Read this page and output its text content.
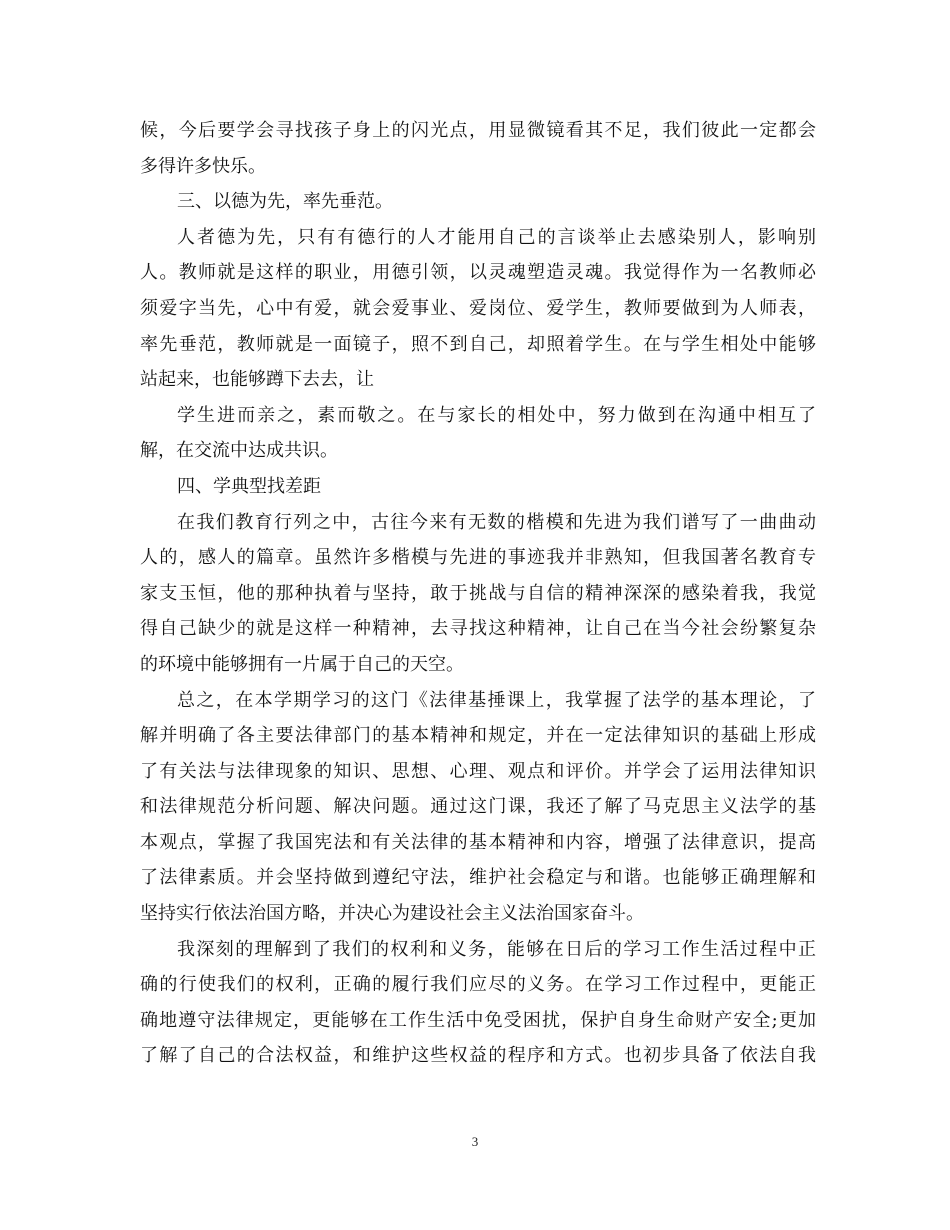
候，今后要学会寻找孩子身上的闪光点，用显微镜看其不足，我们彼此一定都会
多得许多快乐。
三、以德为先，率先垂范。
人者德为先，只有有德行的人才能用自己的言谈举止去感染别人，影响别
人。教师就是这样的职业，用德引领，以灵魂塑造灵魂。我觉得作为一名教师必
须爱字当先，心中有爱，就会爱事业、爱岗位、爱学生，教师要做到为人师表，
率先垂范，教师就是一面镜子，照不到自己，却照着学生。在与学生相处中能够
站起来，也能够蹲下去去，让
学生进而亲之，素而敬之。在与家长的相处中，努力做到在沟通中相互了
解，在交流中达成共识。
四、学典型找差距
在我们教育行列之中，古往今来有无数的楷模和先进为我们谱写了一曲曲动
人的，感人的篇章。虽然许多楷模与先进的事迹我并非熟知，但我国著名教育专
家支玉恒，他的那种执着与坚持，敢于挑战与自信的精神深深的感染着我，我觉
得自己缺少的就是这样一种精神，去寻找这种精神，让自己在当今社会纷繁复杂
的环境中能够拥有一片属于自己的天空。
总之，在本学期学习的这门《法律基捶课上，我掌握了法学的基本理论，了
解并明确了各主要法律部门的基本精神和规定，并在一定法律知识的基础上形成
了有关法与法律现象的知识、思想、心理、观点和评价。并学会了运用法律知识
和法律规范分析问题、解决问题。通过这门课，我还了解了马克思主义法学的基
本观点，掌握了我国宪法和有关法律的基本精神和内容，增强了法律意识，提高
了法律素质。并会坚持做到遵纪守法，维护社会稳定与和谐。也能够正确理解和
坚持实行依法治国方略，并决心为建设社会主义法治国家奋斗。
我深刻的理解到了我们的权利和义务，能够在日后的学习工作生活过程中正
确的行使我们的权利，正确的履行我们应尽的义务。在学习工作过程中，更能正
确地遵守法律规定，更能够在工作生活中免受困扰，保护自身生命财产安全;更加
了解了自己的合法权益，和维护这些权益的程序和方式。也初步具备了依法自我
3
